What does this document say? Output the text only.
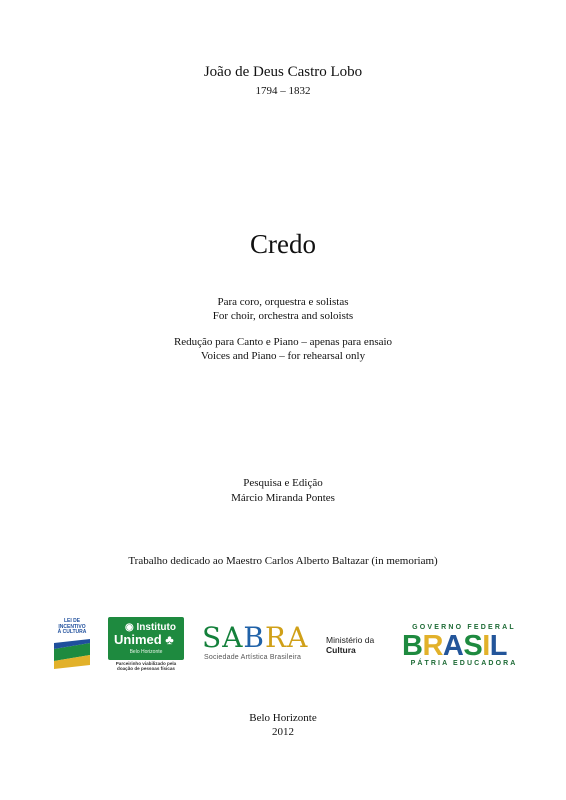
João de Deus Castro Lobo
1794 – 1832
Credo
Para coro, orquestra e solistas
For choir, orchestra and soloists
Redução para Canto e Piano – apenas para ensaio
Voices and Piano – for rehearsal only
Pesquisa e Edição
Márcio Miranda Pontes
Trabalho dedicado ao Maestro Carlos Alberto Baltazar (in memoriam)
LEI DE
INCENTIVO
À CULTURA	◉ Instituto
Unimed ♣
Belo Horizonte
Parceirinho viabilizado pela
doação de pessoas físicas
SABRA
Sociedade Artística Brasileira
Ministério da
Cultura
GOVERNO FEDERAL
BRASIL
PÁTRIA EDUCADORA
Belo Horizonte
2012
